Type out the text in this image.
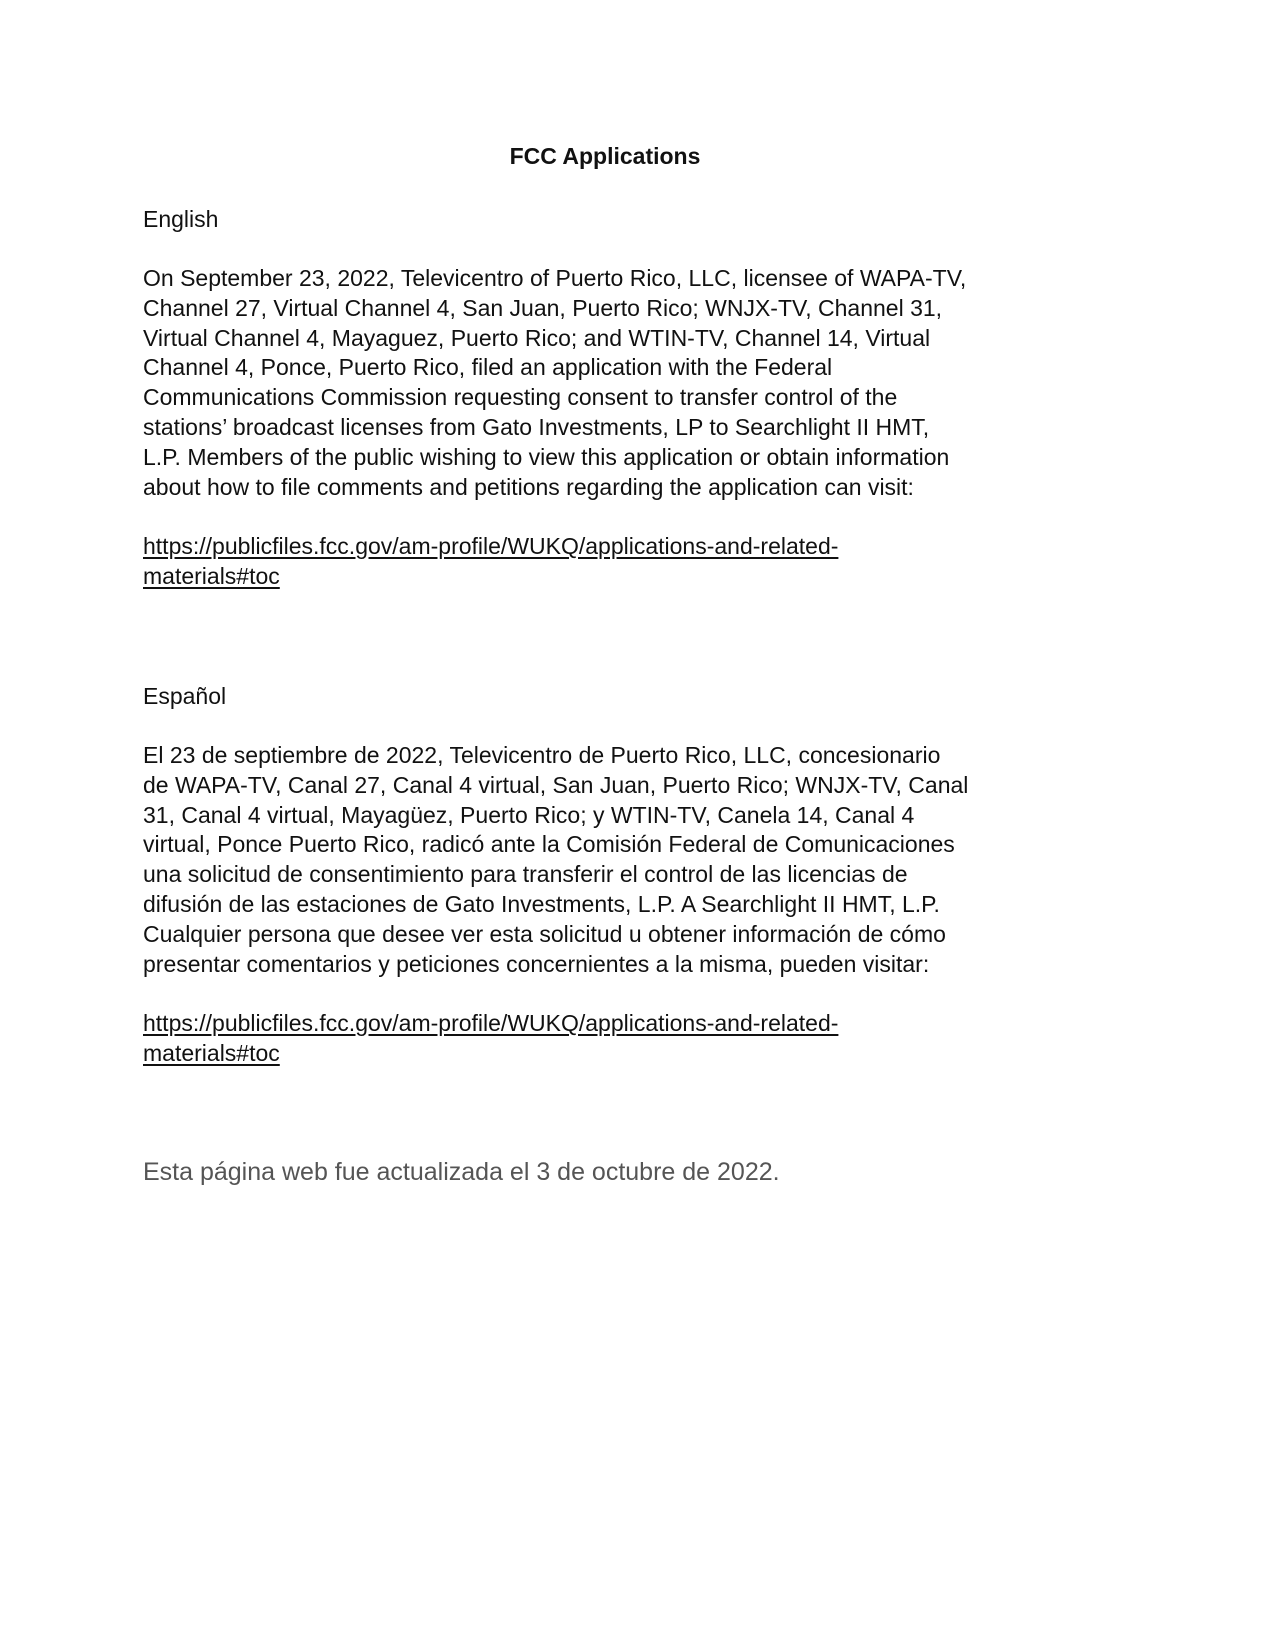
FCC Applications
English
On September 23, 2022, Televicentro of Puerto Rico, LLC, licensee of WAPA-TV,
Channel 27, Virtual Channel 4, San Juan, Puerto Rico; WNJX-TV, Channel 31,
Virtual Channel 4, Mayaguez, Puerto Rico; and WTIN-TV, Channel 14, Virtual
Channel 4, Ponce, Puerto Rico, filed an application with the Federal
Communications Commission requesting consent to transfer control of the
stations’ broadcast licenses from Gato Investments, LP to Searchlight II HMT,
L.P. Members of the public wishing to view this application or obtain information
about how to file comments and petitions regarding the application can visit:
https://publicfiles.fcc.gov/am-profile/WUKQ/applications-and-related-
materials#toc
Español
El 23 de septiembre de 2022, Televicentro de Puerto Rico, LLC, concesionario
de WAPA-TV, Canal 27, Canal 4 virtual, San Juan, Puerto Rico; WNJX-TV, Canal
31, Canal 4 virtual, Mayagüez, Puerto Rico; y WTIN-TV, Canela 14, Canal 4
virtual, Ponce Puerto Rico, radicó ante la Comisión Federal de Comunicaciones
una solicitud de consentimiento para transferir el control de las licencias de
difusión de las estaciones de Gato Investments, L.P. A Searchlight II HMT, L.P.
Cualquier persona que desee ver esta solicitud u obtener información de cómo
presentar comentarios y peticiones concernientes a la misma, pueden visitar:
https://publicfiles.fcc.gov/am-profile/WUKQ/applications-and-related-
materials#toc
Esta página web fue actualizada el 3 de octubre de 2022.
